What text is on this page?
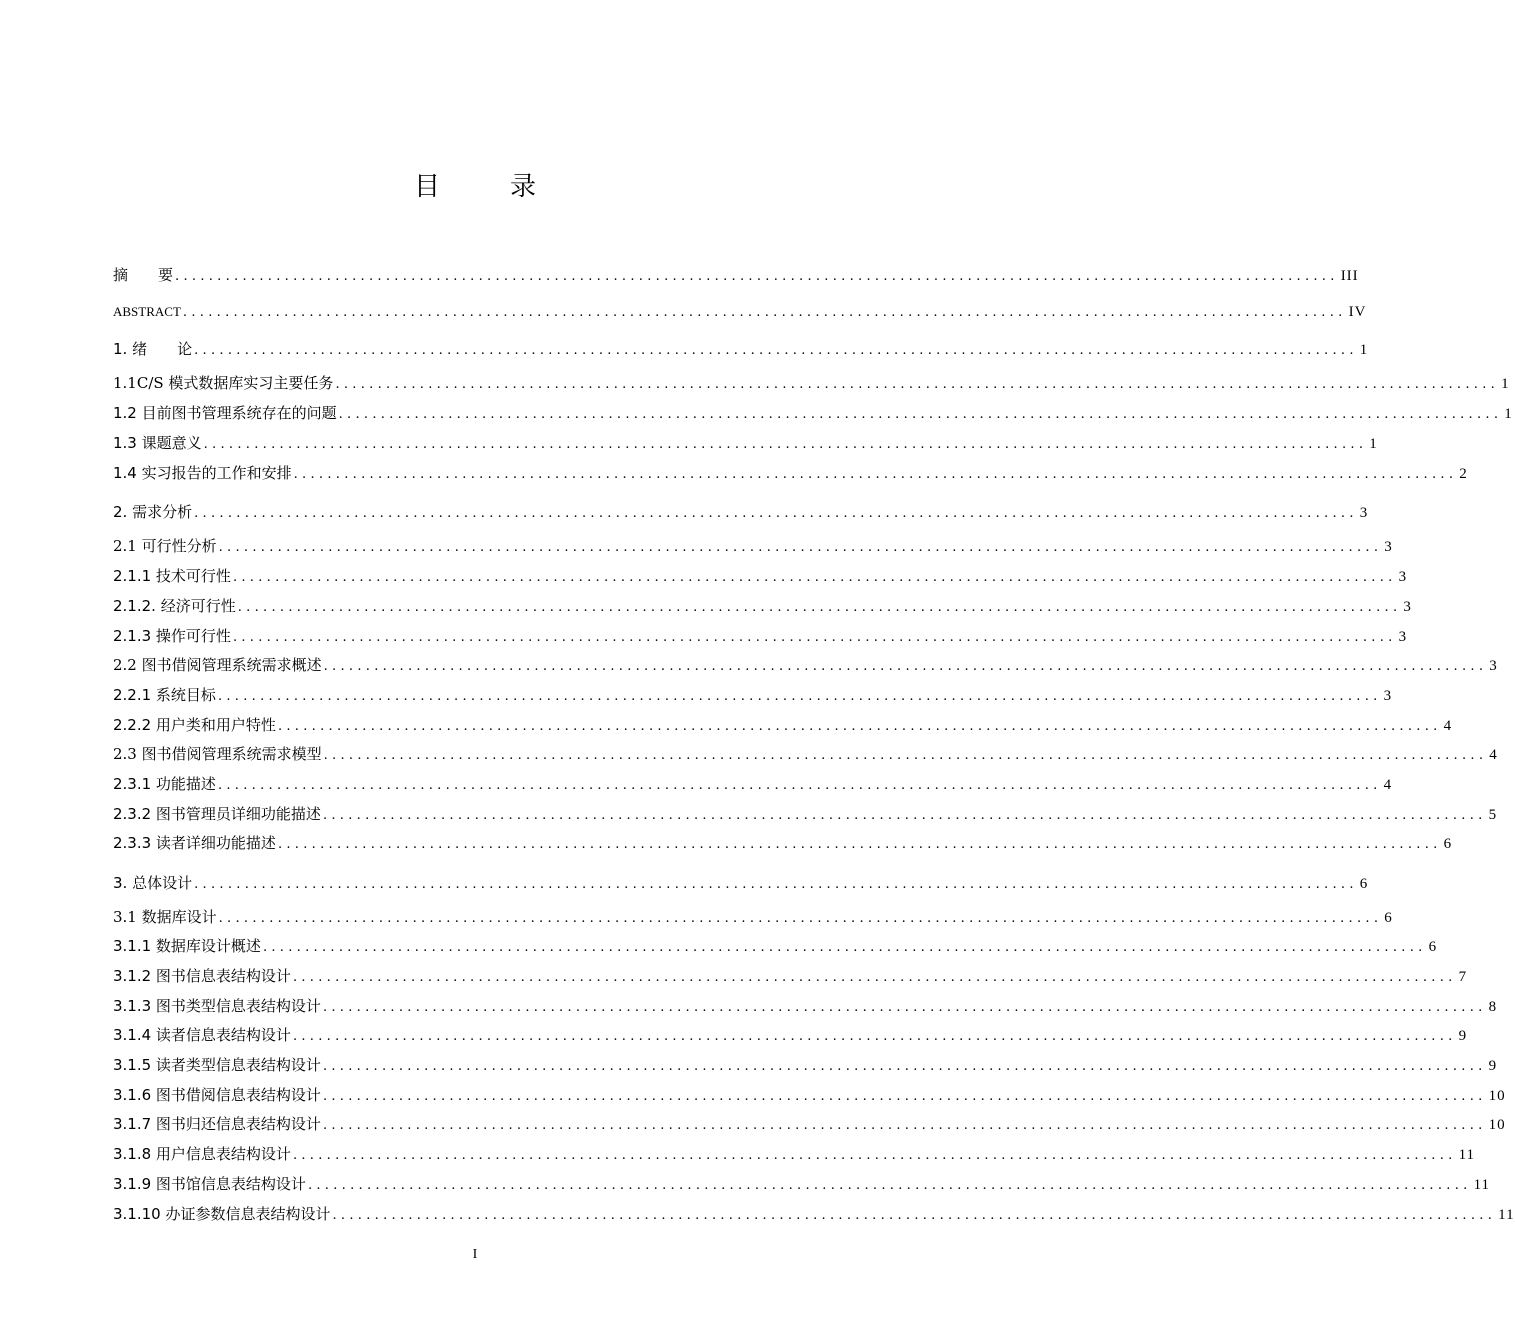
目　录
摘　　要 .......................................................................................................................................... III
ABSTRACT .......................................................................................................................................... IV
1. 绪　　论 .......................................................................................................................................... 1
1.1C/S 模式数据库实习主要任务 .......................................................................................................................................... 1
1.2 目前图书管理系统存在的问题 .......................................................................................................................................... 1
1.3 课题意义 .......................................................................................................................................... 1
1.4 实习报告的工作和安排 .......................................................................................................................................... 2
2. 需求分析 .......................................................................................................................................... 3
2.1 可行性分析 .......................................................................................................................................... 3
2.1.1 技术可行性 .......................................................................................................................................... 3
2.1.2. 经济可行性 .......................................................................................................................................... 3
2.1.3 操作可行性 .......................................................................................................................................... 3
2.2 图书借阅管理系统需求概述 .......................................................................................................................................... 3
2.2.1 系统目标 .......................................................................................................................................... 3
2.2.2 用户类和用户特性 .......................................................................................................................................... 4
2.3 图书借阅管理系统需求模型 .......................................................................................................................................... 4
2.3.1 功能描述 .......................................................................................................................................... 4
2.3.2 图书管理员详细功能描述 .......................................................................................................................................... 5
2.3.3 读者详细功能描述 .......................................................................................................................................... 6
3. 总体设计 .......................................................................................................................................... 6
3.1 数据库设计 .......................................................................................................................................... 6
3.1.1 数据库设计概述 .......................................................................................................................................... 6
3.1.2 图书信息表结构设计 .......................................................................................................................................... 7
3.1.3 图书类型信息表结构设计 .......................................................................................................................................... 8
3.1.4 读者信息表结构设计 .......................................................................................................................................... 9
3.1.5 读者类型信息表结构设计 .......................................................................................................................................... 9
3.1.6 图书借阅信息表结构设计 .......................................................................................................................................... 10
3.1.7 图书归还信息表结构设计 .......................................................................................................................................... 10
3.1.8 用户信息表结构设计 .......................................................................................................................................... 11
3.1.9 图书馆信息表结构设计 .......................................................................................................................................... 11
3.1.10 办证参数信息表结构设计 .......................................................................................................................................... 11
I
